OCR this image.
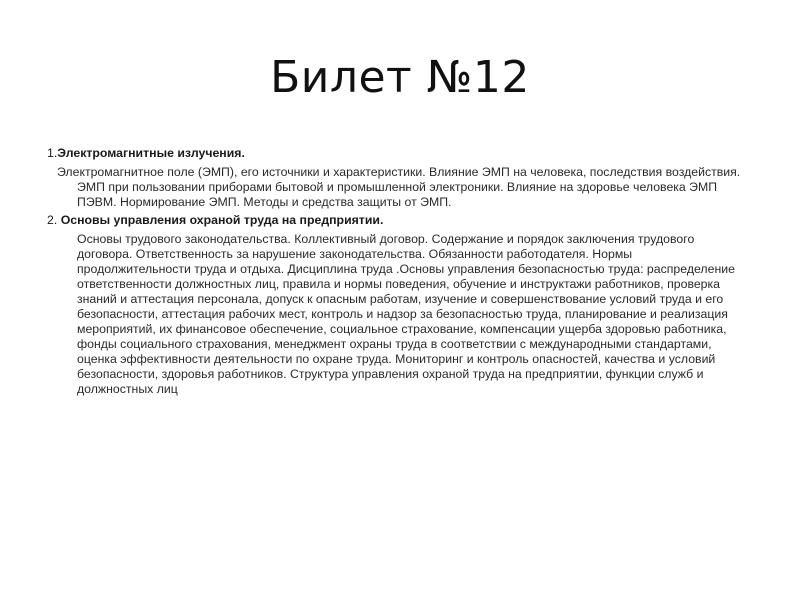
Билет №12

1.Электромагнитные излучения.

Электромагнитное поле (ЭМП), его источники и характеристики. Влияние ЭМП на человека, последствия воздействия. ЭМП при пользовании приборами бытовой и промышленной электроники. Влияние на здоровье человека ЭМП ПЭВМ. Нормирование ЭМП. Методы и средства защиты от ЭМП.

2. Основы управления охраной труда на предприятии.

Основы трудового законодательства. Коллективный договор. Содержание и порядок заключения трудового договора. Ответственность за нарушение законодательства. Обязанности работодателя. Нормы продолжительности труда и отдыха. Дисциплина труда .Основы управления безопасностью труда: распределение ответственности должностных лиц, правила и нормы поведения, обучение и инструктажи работников, проверка знаний и аттестация персонала, допуск к опасным работам, изучение и совершенствование условий труда и его безопасности, аттестация рабочих мест, контроль и надзор за безопасностью труда, планирование и реализация мероприятий, их финансовое обеспечение, социальное страхование, компенсации ущерба здоровью работника, фонды социального страхования, менеджмент охраны труда в соответствии с международными стандартами, оценка эффективности деятельности по охране труда. Мониторинг и контроль опасностей, качества и условий безопасности, здоровья работников. Структура управления охраной труда на предприятии, функции служб и должностных лиц
